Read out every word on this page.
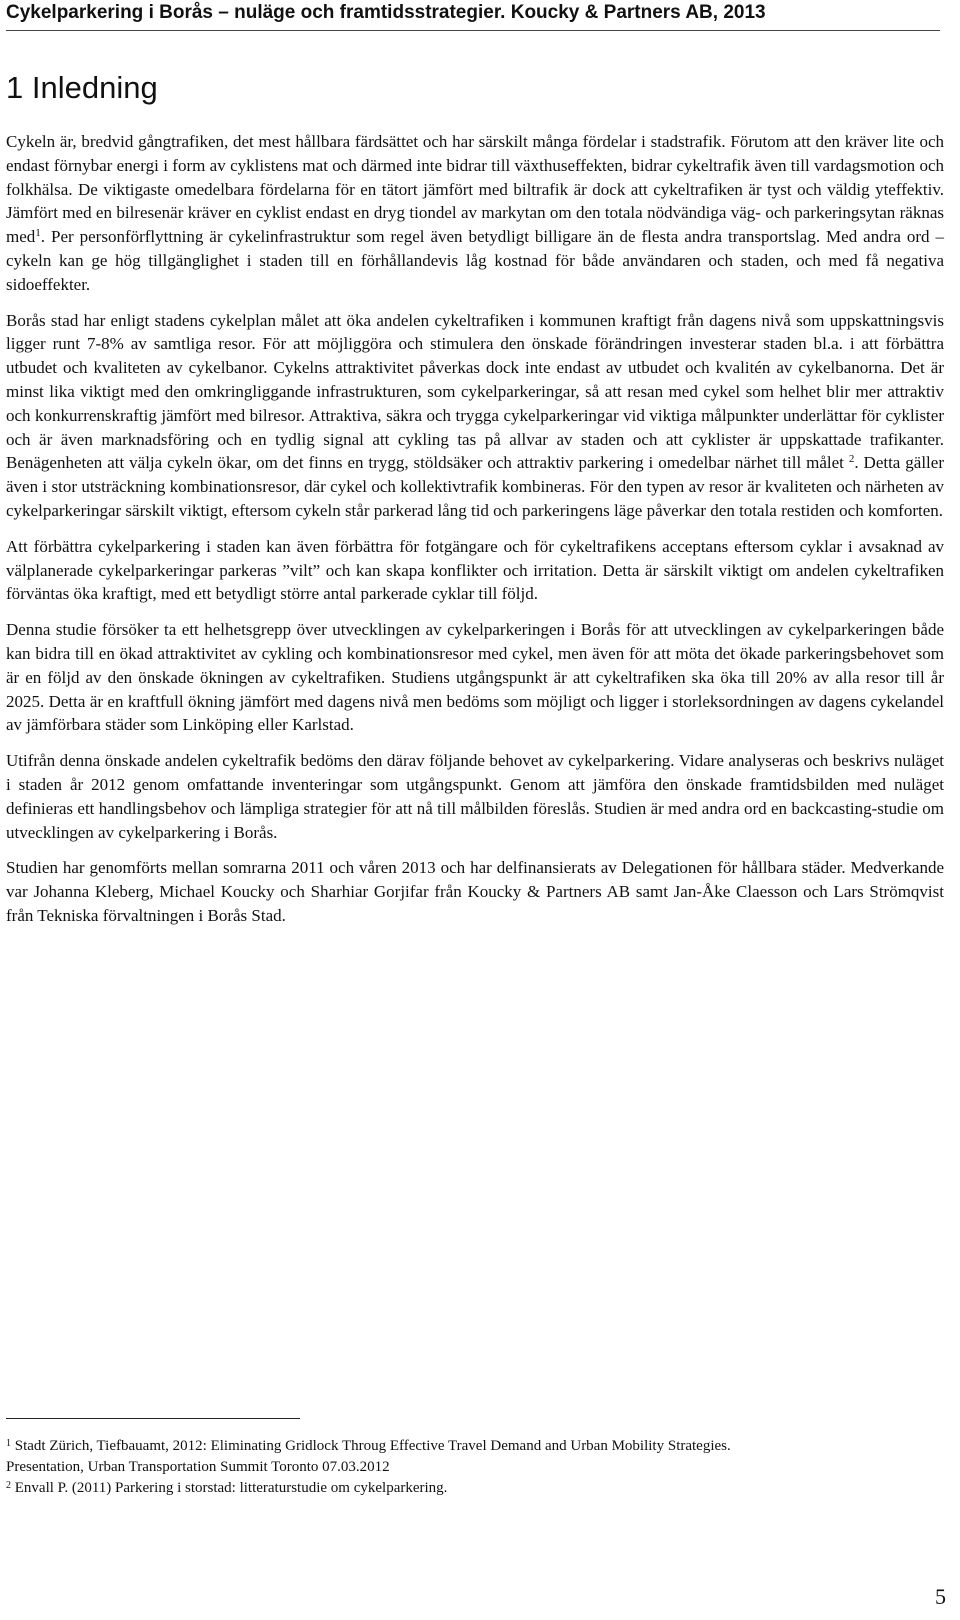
Cykelparkering i Borås – nuläge och framtidsstrategier. Koucky & Partners AB, 2013
1 Inledning

Cykeln är, bredvid gångtrafiken, det mest hållbara färdsättet och har särskilt många fördelar i stadstrafik. Förutom att den kräver lite och endast förnybar energi i form av cyklistens mat och därmed inte bidrar till växthuseffekten, bidrar cykeltrafik även till vardagsmotion och folkhälsa. De viktigaste omedelbara fördelarna för en tätort jämfört med biltrafik är dock att cykeltrafiken är tyst och väldig yteffektiv. Jämfört med en bilresenär kräver en cyklist endast en dryg tiondel av markytan om den totala nödvändiga väg- och parkeringsytan räknas med$^1$. Per personförflyttning är cykelinfrastruktur som regel även betydligt billigare än de flesta andra transportslag. Med andra ord – cykeln kan ge hög tillgänglighet i staden till en förhållandevis låg kostnad för både användaren och staden, och med få negativa sidoeffekter.

Borås stad har enligt stadens cykelplan målet att öka andelen cykeltrafiken i kommunen kraftigt från dagens nivå som uppskattningsvis ligger runt 7-8% av samtliga resor. För att möjliggöra och stimulera den önskade förändringen investerar staden bl.a. i att förbättra utbudet och kvaliteten av cykelbanor. Cykelns attraktivitet påverkas dock inte endast av utbudet och kvalitén av cykelbanorna. Det är minst lika viktigt med den omkringliggande infrastrukturen, som cykelparkeringar, så att resan med cykel som helhet blir mer attraktiv och konkurrenskraftig jämfört med bilresor. Attraktiva, säkra och trygga cykelparkeringar vid viktiga målpunkter underlättar för cyklister och är även marknadsföring och en tydlig signal att cykling tas på allvar av staden och att cyklister är uppskattade trafikanter. Benägenheten att välja cykeln ökar, om det finns en trygg, stöldsäker och attraktiv parkering i omedelbar närhet till målet $^2$. Detta gäller även i stor utsträckning kombinationsresor, där cykel och kollektivtrafik kombineras. För den typen av resor är kvaliteten och närheten av cykelparkeringar särskilt viktigt, eftersom cykeln står parkerad lång tid och parkeringens läge påverkar den totala restiden och komforten.

Att förbättra cykelparkering i staden kan även förbättra för fotgängare och för cykeltrafikens acceptans eftersom cyklar i avsaknad av välplanerade cykelparkeringar parkeras ”vilt” och kan skapa konflikter och irritation. Detta är särskilt viktigt om andelen cykeltrafiken förväntas öka kraftigt, med ett betydligt större antal parkerade cyklar till följd.

Denna studie försöker ta ett helhetsgrepp över utvecklingen av cykelparkeringen i Borås för att utvecklingen av cykelparkeringen både kan bidra till en ökad attraktivitet av cykling och kombinationsresor med cykel, men även för att möta det ökade parkeringsbehovet som är en följd av den önskade ökningen av cykeltrafiken. Studiens utgångspunkt är att cykeltrafiken ska öka till 20% av alla resor till år 2025. Detta är en kraftfull ökning jämfört med dagens nivå men bedöms som möjligt och ligger i storleksordningen av dagens cykelandel av jämförbara städer som Linköping eller Karlstad.

Utifrån denna önskade andelen cykeltrafik bedöms den därav följande behovet av cykelparkering. Vidare analyseras och beskrivs nuläget i staden år 2012 genom omfattande inventeringar som utgångspunkt. Genom att jämföra den önskade framtidsbilden med nuläget definieras ett handlingsbehov och lämpliga strategier för att nå till målbilden föreslås. Studien är med andra ord en backcasting-studie om utvecklingen av cykelparkering i Borås.

Studien har genomförts mellan somrarna 2011 och våren 2013 och har delfinansierats av Delegationen för hållbara städer. Medverkande var Johanna Kleberg, Michael Koucky och Sharhiar Gorjifar från Koucky & Partners AB samt Jan-Åke Claesson och Lars Strömqvist från Tekniska förvaltningen i Borås Stad.

$^1$ Stadt Zürich, Tiefbauamt, 2012: Eliminating Gridlock Throug Effective Travel Demand and Urban Mobility Strategies.

Presentation, Urban Transportation Summit Toronto 07.03.2012

$^2$ Envall P. (2011) Parkering i storstad: litteraturstudie om cykelparkering.

5
